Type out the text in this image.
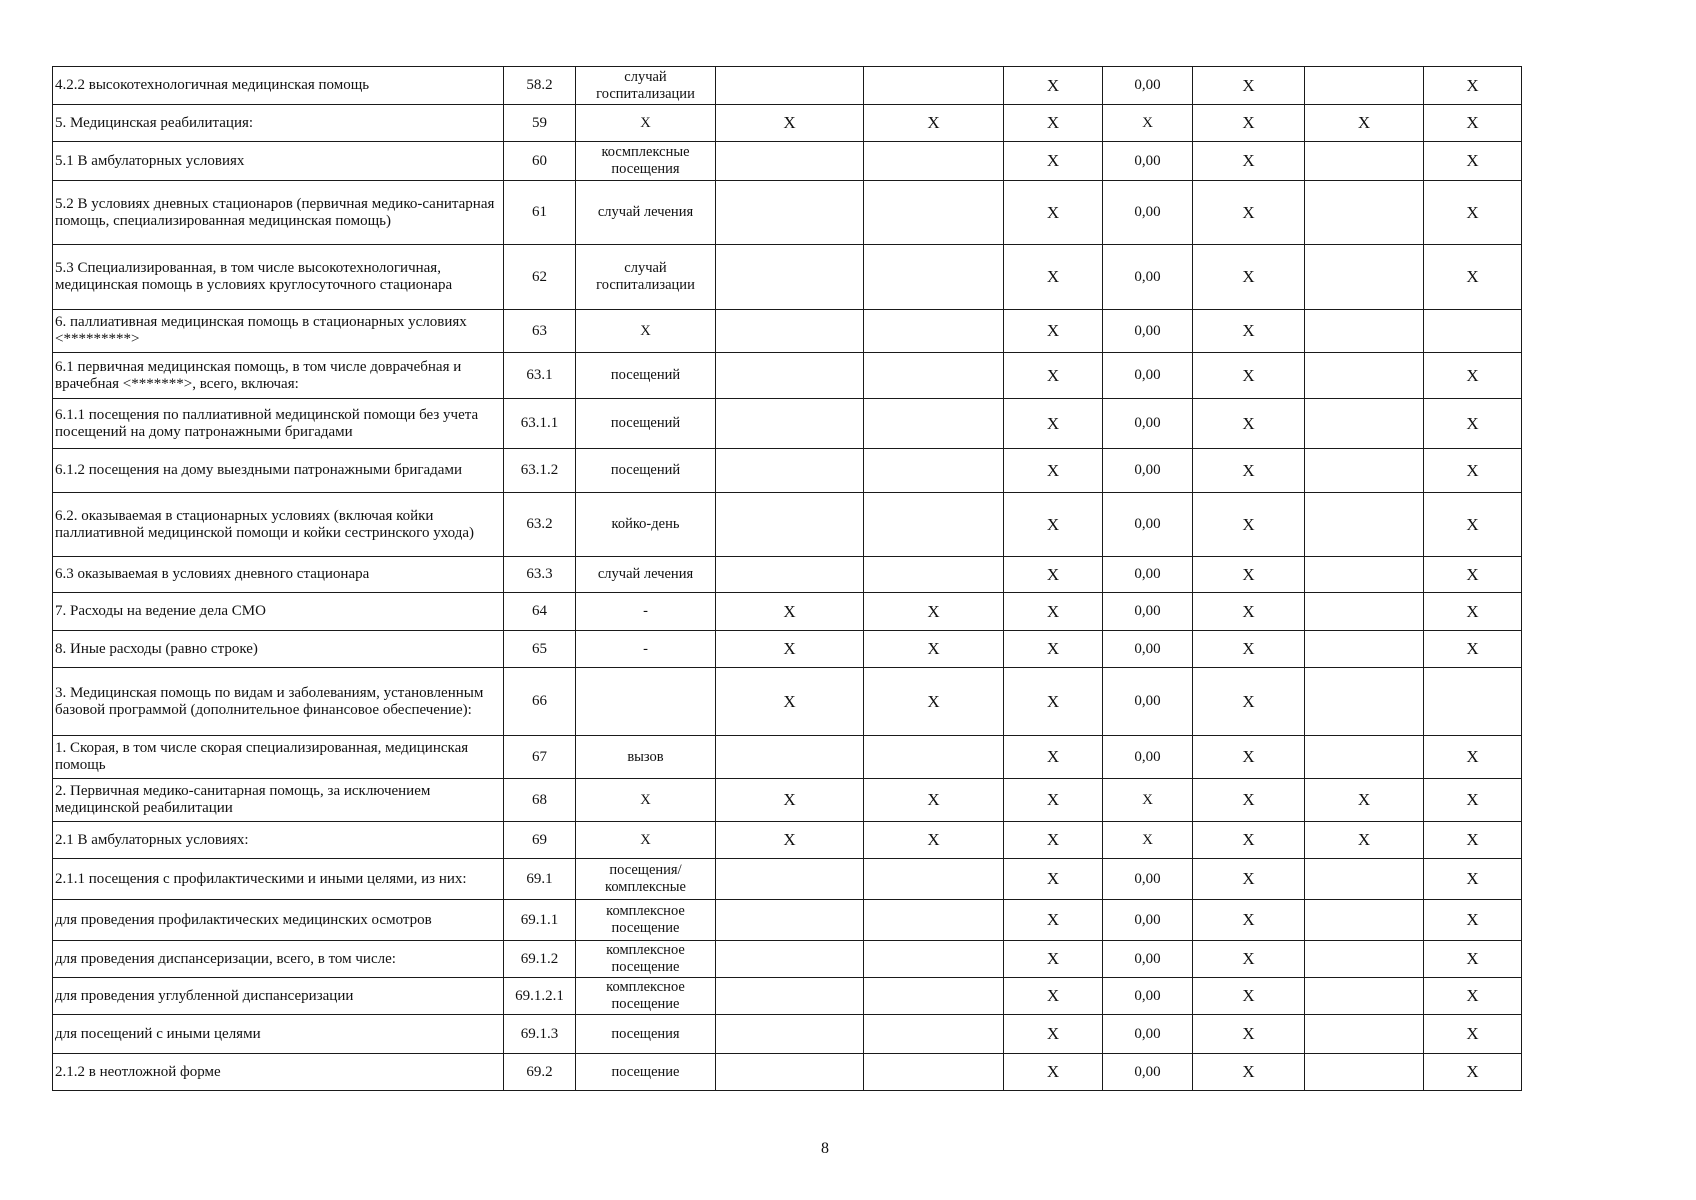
4.2.2 высокотехнологичная медицинская помощь	58.2	случай госпитализации			X	0,00	X		X
5. Медицинская реабилитация:	59	X	X	X	X	X	X	X	X
5.1 В амбулаторных условиях	60	космплексные посещения			X	0,00	X		X
5.2 В условиях дневных стационаров (первичная медико-санитарная помощь, специализированная медицинская помощь)	61	случай лечения			X	0,00	X		X
5.3 Специализированная, в том числе высокотехнологичная, медицинская помощь в условиях круглосуточного стационара	62	случай госпитализации			X	0,00	X		X
6. паллиативная медицинская помощь в стационарных условиях <*********>	63	X			X	0,00	X		
6.1 первичная медицинская помощь, в том числе доврачебная и врачебная <*******>, всего, включая:	63.1	посещений			X	0,00	X		X
6.1.1 посещения по паллиативной медицинской помощи без учета посещений на дому патронажными бригадами	63.1.1	посещений			X	0,00	X		X
6.1.2 посещения на дому выездными патронажными бригадами	63.1.2	посещений			X	0,00	X		X
6.2. оказываемая в стационарных условиях (включая койки паллиативной медицинской помощи и койки сестринского ухода)	63.2	койко-день			X	0,00	X		X
6.3 оказываемая в условиях дневного стационара	63.3	случай лечения			X	0,00	X		X
7. Расходы на ведение дела СМО	64	-	X	X	X	0,00	X		X
8. Иные расходы (равно строке)	65	-	X	X	X	0,00	X		X
3. Медицинская помощь по видам и заболеваниям, установленным базовой программой (дополнительное финансовое обеспечение):	66		X	X	X	0,00	X		
1. Скорая, в том числе скорая специализированная, медицинская помощь	67	вызов			X	0,00	X		X
2. Первичная медико-санитарная помощь, за исключением медицинской реабилитации	68	X	X	X	X	X	X	X	X
2.1 В амбулаторных условиях:	69	X	X	X	X	X	X	X	X
2.1.1 посещения с профилактическими и иными целями, из них:	69.1	посещения/ комплексные			X	0,00	X		X
для проведения профилактических медицинских осмотров	69.1.1	комплексное посещение			X	0,00	X		X
для проведения диспансеризации, всего, в том числе:	69.1.2	комплексное посещение			X	0,00	X		X
для проведения углубленной диспансеризации	69.1.2.1	комплексное посещение			X	0,00	X		X
для посещений с иными целями	69.1.3	посещения			X	0,00	X		X
2.1.2 в неотложной форме	69.2	посещение			X	0,00	X		X
8
